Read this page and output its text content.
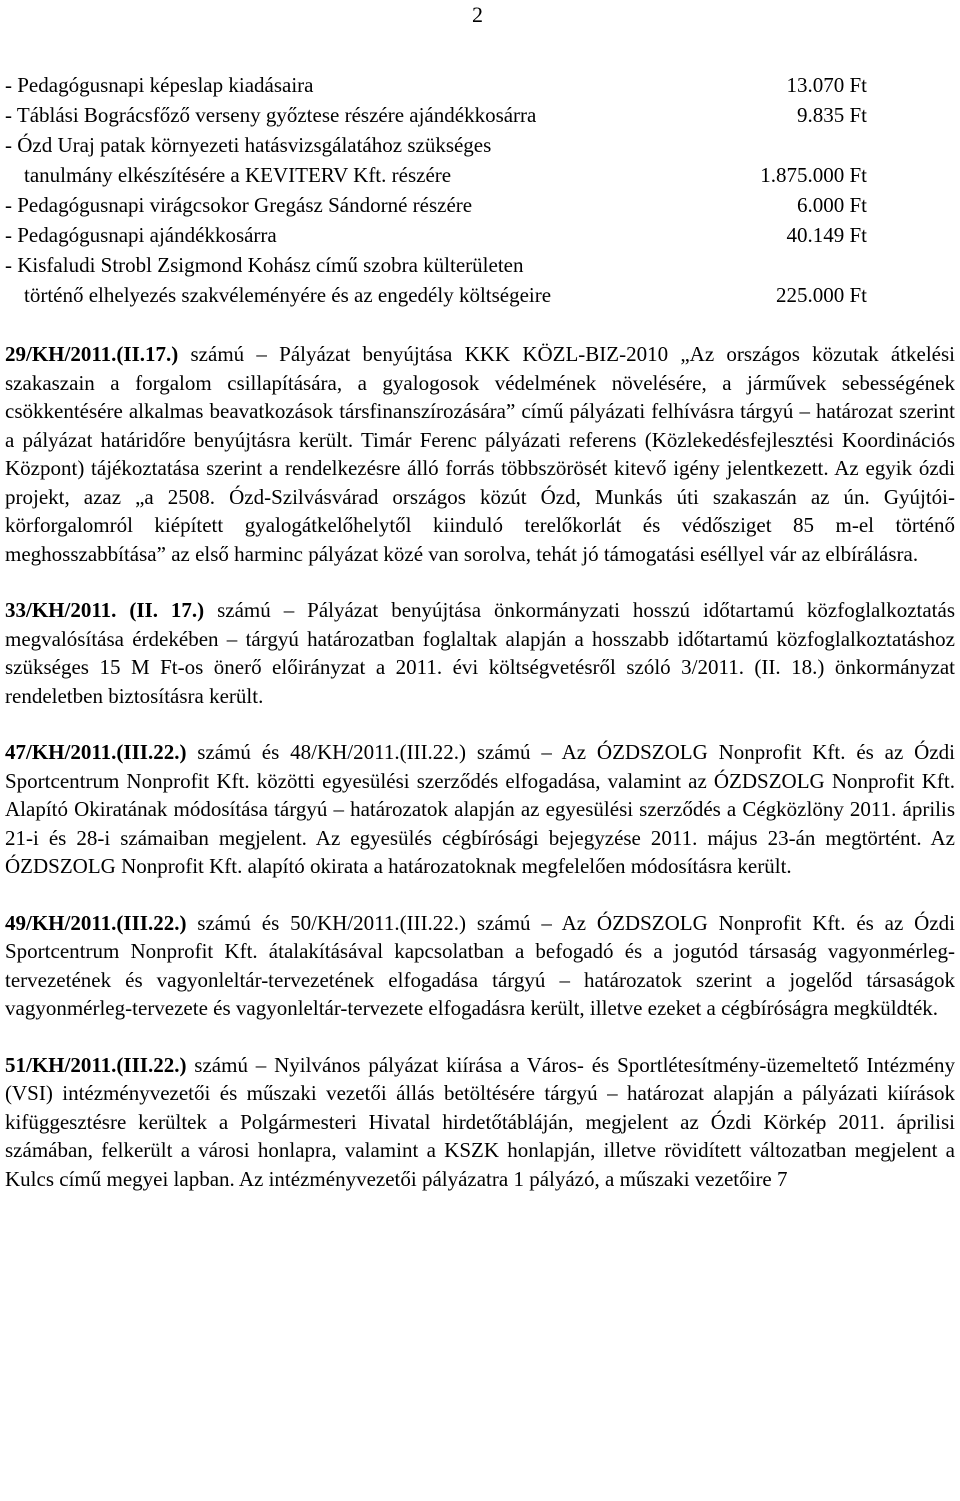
2
- Pedagógusnapi képeslap kiadásaira	13.070 Ft
- Táblási Bográcsfőző verseny győztese részére ajándékkosárra	9.835 Ft
- Ózd Uraj patak környezeti hatásvizsgálatához szükséges
tanulmány elkészítésére a KEVITERV Kft. részére	1.875.000 Ft
- Pedagógusnapi virágcsokor Gregász Sándorné részére	6.000 Ft
- Pedagógusnapi ajándékkosárra	40.149 Ft
- Kisfaludi Strobl Zsigmond Kohász című szobra külterületen
történő elhelyezés szakvéleményére és az engedély költségeire	225.000 Ft

29/KH/2011.(II.17.) számú – Pályázat benyújtása KKK KÖZL-BIZ-2010 „Az országos közutak átkelési szakaszain a forgalom csillapítására, a gyalogosok védelmének növelésére, a járművek sebességének csökkentésére alkalmas beavatkozások társfinanszírozására” című pályázati felhívásra tárgyú – határozat szerint a pályázat határidőre benyújtásra került. Timár Ferenc pályázati referens (Közlekedésfejlesztési Koordinációs Központ) tájékoztatása szerint a rendelkezésre álló forrás többszörösét kitevő igény jelentkezett. Az egyik ózdi projekt, azaz „a 2508. Ózd-Szilvásvárad országos közút Ózd, Munkás úti szakaszán az ún. Gyújtói-körforgalomról kiépített gyalogátkelőhelytől kiinduló terelőkorlát és védősziget 85 m-el történő meghosszabbítása” az első harminc pályázat közé van sorolva, tehát jó támogatási eséllyel vár az elbírálásra.

33/KH/2011. (II. 17.) számú – Pályázat benyújtása önkormányzati hosszú időtartamú közfoglalkoztatás megvalósítása érdekében – tárgyú határozatban foglaltak alapján a hosszabb időtartamú közfoglalkoztatáshoz szükséges 15 M Ft-os önerő előirányzat a 2011. évi költségvetésről szóló 3/2011. (II. 18.) önkormányzat rendeletben biztosításra került.

47/KH/2011.(III.22.) számú és 48/KH/2011.(III.22.) számú – Az ÓZDSZOLG Nonprofit Kft. és az Ózdi Sportcentrum Nonprofit Kft. közötti egyesülési szerződés elfogadása, valamint az ÓZDSZOLG Nonprofit Kft. Alapító Okiratának módosítása tárgyú – határozatok alapján az egyesülési szerződés a Cégközlöny 2011. április 21-i és 28-i számaiban megjelent. Az egyesülés cégbírósági bejegyzése 2011. május 23-án megtörtént. Az ÓZDSZOLG Nonprofit Kft. alapító okirata a határozatoknak megfelelően módosításra került.

49/KH/2011.(III.22.) számú és 50/KH/2011.(III.22.) számú – Az ÓZDSZOLG Nonprofit Kft. és az Ózdi Sportcentrum Nonprofit Kft. átalakításával kapcsolatban a befogadó és a jogutód társaság vagyonmérleg-tervezetének és vagyonleltár-tervezetének elfogadása tárgyú – határozatok szerint a jogelőd társaságok vagyonmérleg-tervezete és vagyonleltár-tervezete elfogadásra került, illetve ezeket a cégbíróságra megküldték.

51/KH/2011.(III.22.) számú – Nyilvános pályázat kiírása a Város- és Sportlétesítmény-üzemeltető Intézmény (VSI) intézményvezetői és műszaki vezetői állás betöltésére tárgyú – határozat alapján a pályázati kiírások kifüggesztésre kerültek a Polgármesteri Hivatal hirdetőtábláján, megjelent az Ózdi Körkép 2011. áprilisi számában, felkerült a városi honlapra, valamint a KSZK honlapján, illetve rövidített változatban megjelent a Kulcs című megyei lapban. Az intézményvezetői pályázatra 1 pályázó, a műszaki vezetőire 7
